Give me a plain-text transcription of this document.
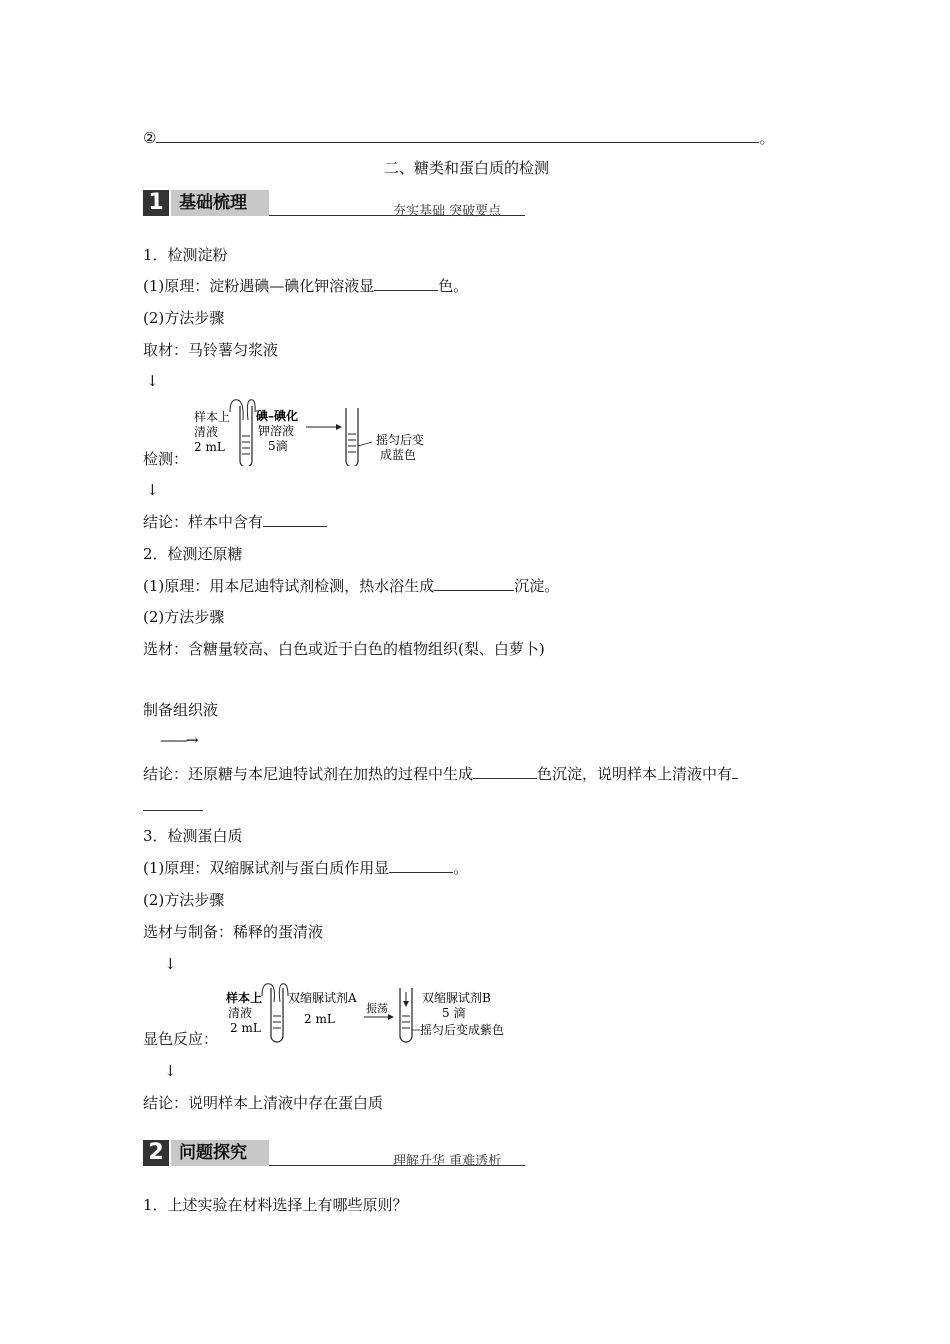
②	。
二、糖类和蛋白质的检测
1 基础梳理	夯实基础 突破要点
1．检测淀粉
(1)原理：淀粉遇碘—碘化钾溶液显	色。
(2)方法步骤
取材：马铃薯匀浆液
↓
检测：
样本上
清液
2 mL
碘–碘化
钾溶液
5滴	摇匀后变
成蓝色
↓
结论：样本中含有
2．检测还原糖
(1)原理：用本尼迪特试剂检测，热水浴生成	沉淀。
(2)方法步骤
选材：含糖量较高、白色或近于白色的植物组织(梨、白萝卜)
制备组织液
——→
结论：还原糖与本尼迪特试剂在加热的过程中生成	色沉淀，说明样本上清液中有
3．检测蛋白质
(1)原理：双缩脲试剂与蛋白质作用显	。
(2)方法步骤
选材与制备：稀释的蛋清液
↓
显色反应：
样本上
清液
2 mL
双缩脲试剂A
2 mL
振荡
双缩脲试剂B
5 滴
摇匀后变成紫色
↓
结论：说明样本上清液中存在蛋白质
2 问题探究	理解升华 重难透析
1．上述实验在材料选择上有哪些原则？
